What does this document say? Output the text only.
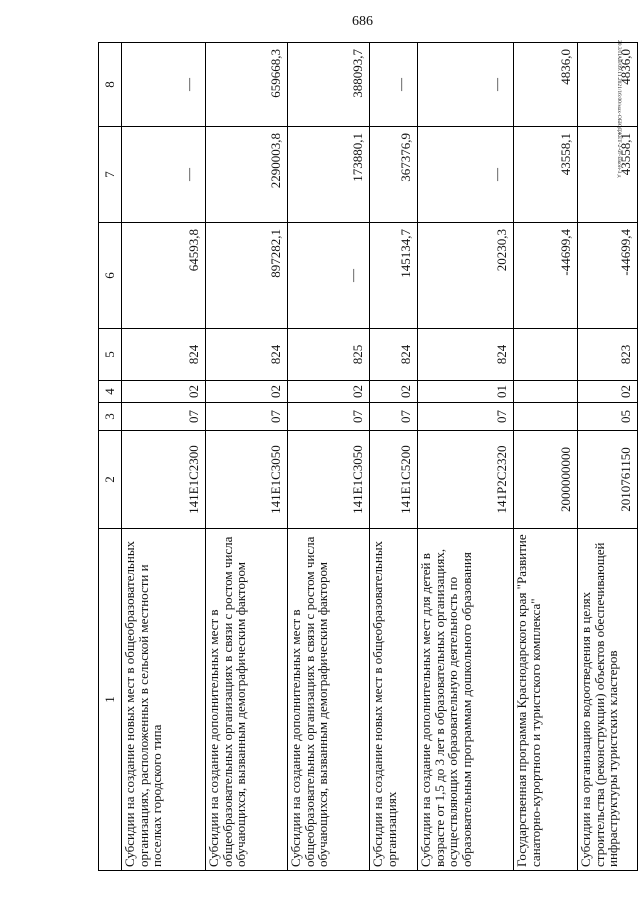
686
20.3/ПАВ/09.11.2021/16:00/мах-ОБЮДЖЕТ-2-чт-закон-3 д
1	2	3	4	5	6	7	8
Субсидии на создание новых мест в общеобразовательных организациях, расположенных в сельской местности и поселках городского типа	141E1C2300	07	02	824	64593,8	—	—
Субсидии на создание дополнительных мест в общеобразовательных организациях в связи с ростом числа обучающихся, вызванным демографическим фактором	141E1C3050	07	02	824	897282,1	2290003,8	659668,3
Субсидии на создание дополнительных мест в общеобразовательных организациях в связи с ростом числа обучающихся, вызванным демографическим фактором	141E1C3050	07	02	825	—	173880,1	388093,7
Субсидии на создание новых мест в общеобразовательных организациях	141E1C5200	07	02	824	145134,7	367376,9	—
Субсидии на создание дополнительных мест для детей в возрасте от 1,5 до 3 лет в образовательных организациях, осуществляющих образовательную деятельность по образовательным программам дошкольного образования	141P2C2320	07	01	824	20230,3	—	—
Государственная программа Краснодарского края "Развитие санаторно-курортного и туристского комплекса"	2000000000				-44699,4	43558,1	4836,0
Субсидии на организацию водоотведения в целях строительства (реконструкции) объектов обеспечивающей инфраструктуры туристских кластеров	2010761150	05	02	823	-44699,4	43558,1	4836,0
